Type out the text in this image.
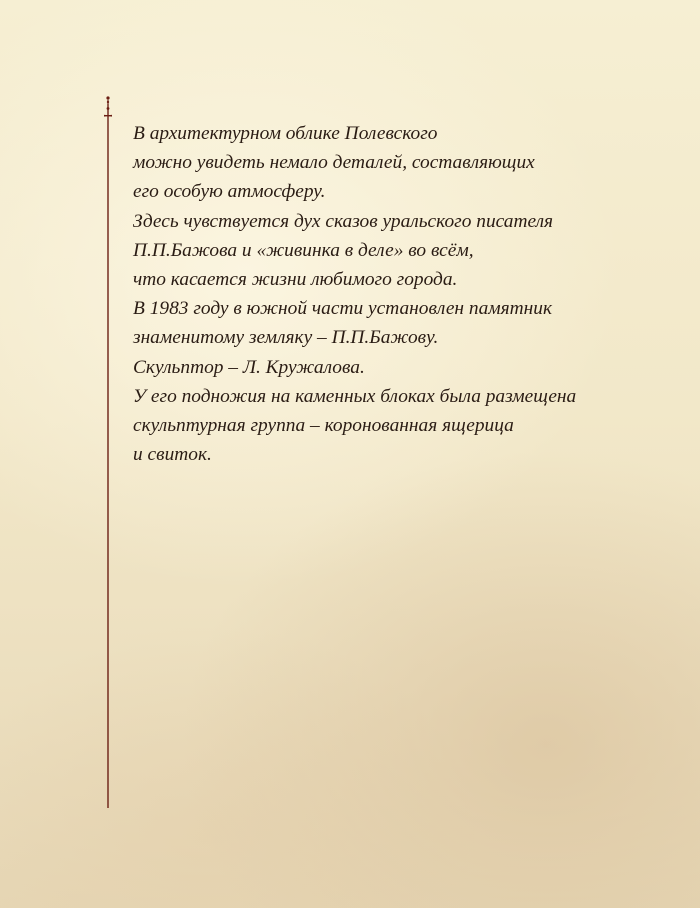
В архитектурном облике Полевского
можно увидеть немало деталей, составляющих
его особую атмосферу.
Здесь чувствуется дух сказов уральского писателя
П.П.Бажова и «живинка в деле» во всём,
что касается жизни любимого города.
В 1983 году в южной части установлен памятник
знаменитому земляку – П.П.Бажову.
Скульптор – Л. Кружалова.
У его подножия на каменных блоках была размещена
скульптурная группа – коронованная ящерица
и свиток.
